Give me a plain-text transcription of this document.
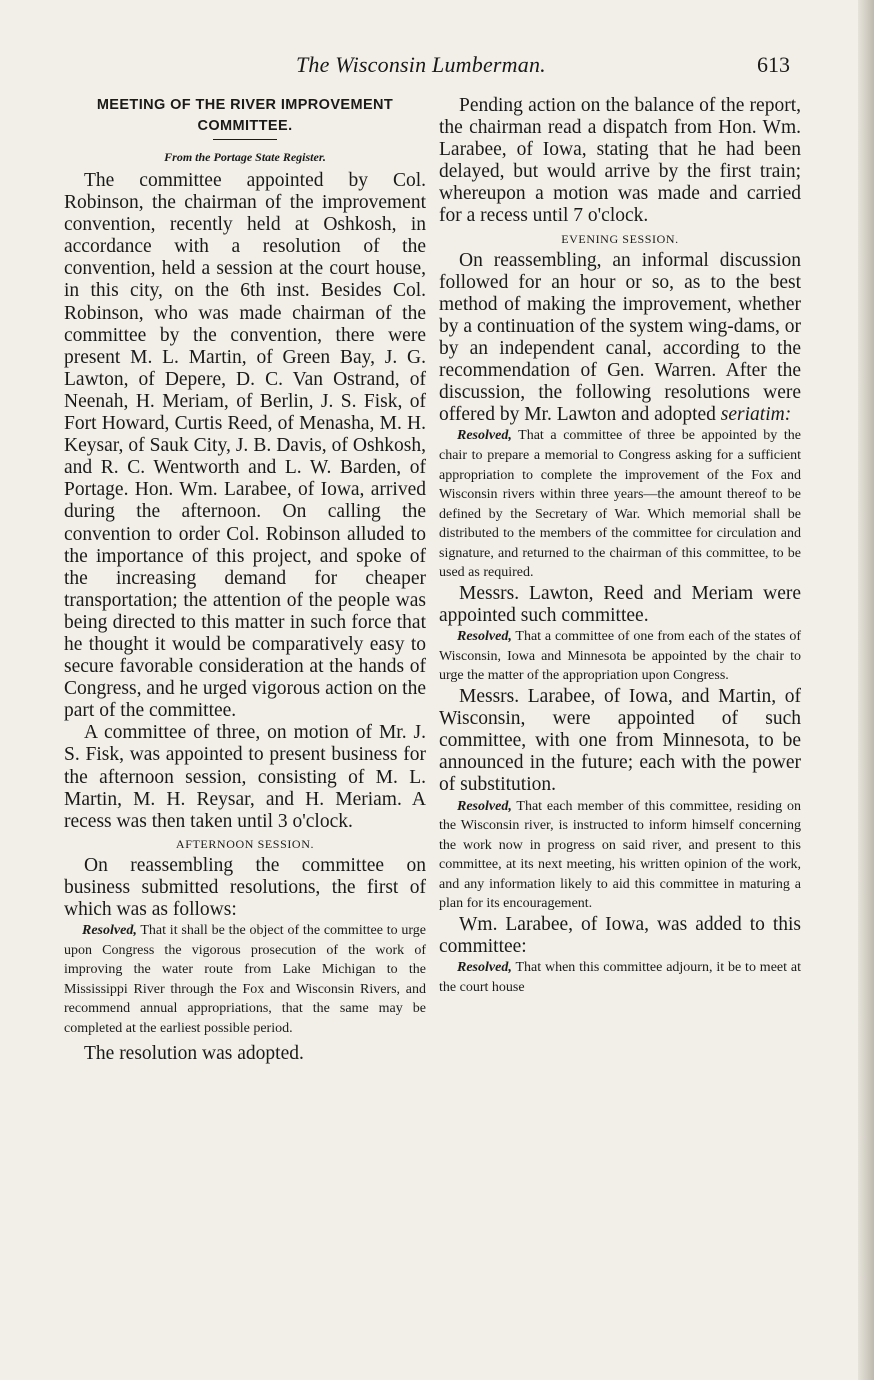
The Wisconsin Lumberman.	613
MEETING OF THE RIVER IMPROVEMENT COMMITTEE.
From the Portage State Register.

The committee appointed by Col. Robinson, the chairman of the improvement convention, recently held at Oshkosh, in accordance with a resolution of the convention, held a session at the court house, in this city, on the 6th inst. Besides Col. Robinson, who was made chairman of the committee by the convention, there were present M. L. Martin, of Green Bay, J. G. Lawton, of Depere, D. C. Van Ostrand, of Neenah, H. Meriam, of Berlin, J. S. Fisk, of Fort Howard, Curtis Reed, of Menasha, M. H. Keysar, of Sauk City, J. B. Davis, of Oshkosh, and R. C. Wentworth and L. W. Barden, of Portage. Hon. Wm. Larabee, of Iowa, arrived during the afternoon. On calling the convention to order Col. Robinson alluded to the importance of this project, and spoke of the increasing demand for cheaper transportation; the attention of the people was being directed to this matter in such force that he thought it would be comparatively easy to secure favorable consideration at the hands of Congress, and he urged vigorous action on the part of the committee.

A committee of three, on motion of Mr. J. S. Fisk, was appointed to present business for the afternoon session, consisting of M. L. Martin, M. H. Reysar, and H. Meriam. A recess was then taken until 3 o'clock.

AFTERNOON SESSION.

On reassembling the committee on business submitted resolutions, the first of which was as follows:

Resolved, That it shall be the object of the committee to urge upon Congress the vigorous prosecution of the work of improving the water route from Lake Michigan to the Mississippi River through the Fox and Wisconsin Rivers, and recommend annual appropriations, that the same may be completed at the earliest possible period.

The resolution was adopted.

Pending action on the balance of the report, the chairman read a dispatch from Hon. Wm. Larabee, of Iowa, stating that he had been delayed, but would arrive by the first train; whereupon a motion was made and carried for a recess until 7 o'clock.

EVENING SESSION.

On reassembling, an informal discussion followed for an hour or so, as to the best method of making the improvement, whether by a continuation of the system wing-dams, or by an independent canal, according to the recommendation of Gen. Warren. After the discussion, the following resolutions were offered by Mr. Lawton and adopted seriatim:

Resolved, That a committee of three be appointed by the chair to prepare a memorial to Congress asking for a sufficient appropriation to complete the improvement of the Fox and Wisconsin rivers within three years—the amount thereof to be defined by the Secretary of War. Which memorial shall be distributed to the members of the committee for circulation and signature, and returned to the chairman of this committee, to be used as required.

Messrs. Lawton, Reed and Meriam were appointed such committee.

Resolved, That a committee of one from each of the states of Wisconsin, Iowa and Minnesota be appointed by the chair to urge the matter of the appropriation upon Congress.

Messrs. Larabee, of Iowa, and Martin, of Wisconsin, were appointed of such committee, with one from Minnesota, to be announced in the future; each with the power of substitution.

Resolved, That each member of this committee, residing on the Wisconsin river, is instructed to inform himself concerning the work now in progress on said river, and present to this committee, at its next meeting, his written opinion of the work, and any information likely to aid this committee in maturing a plan for its encouragement.

Wm. Larabee, of Iowa, was added to this committee:

Resolved, That when this committee adjourn, it be to meet at the court house
